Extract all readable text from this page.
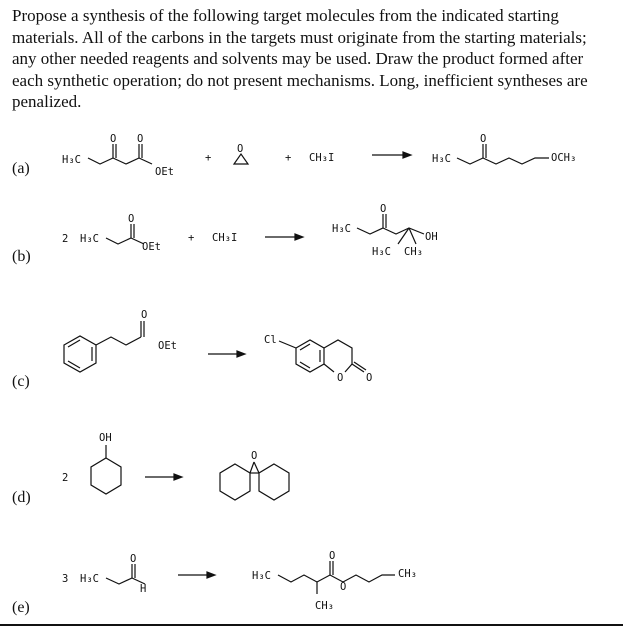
Propose a synthesis of the following target molecules from the indicated starting materials. All of the carbons in the targets must originate from the starting materials; any other needed reagents and solvents may be used. Draw the product formed after each synthetic operation; do not present mechanisms. Long, inefficient syntheses are penalized.
(a)
(b)
(c)
(d)
(e)
H₃C
O O
OEt
+
O
+ CH₃I	H₃C
O
OCH₃
2 H₃C
O
OEt
+ CH₃I
H₃C
O
OH
H₃C CH₃
O
OEt	Cl
O O
2
OH
O
3 H₃C
O
H
H₃C
CH₃
O
O
CH₃
